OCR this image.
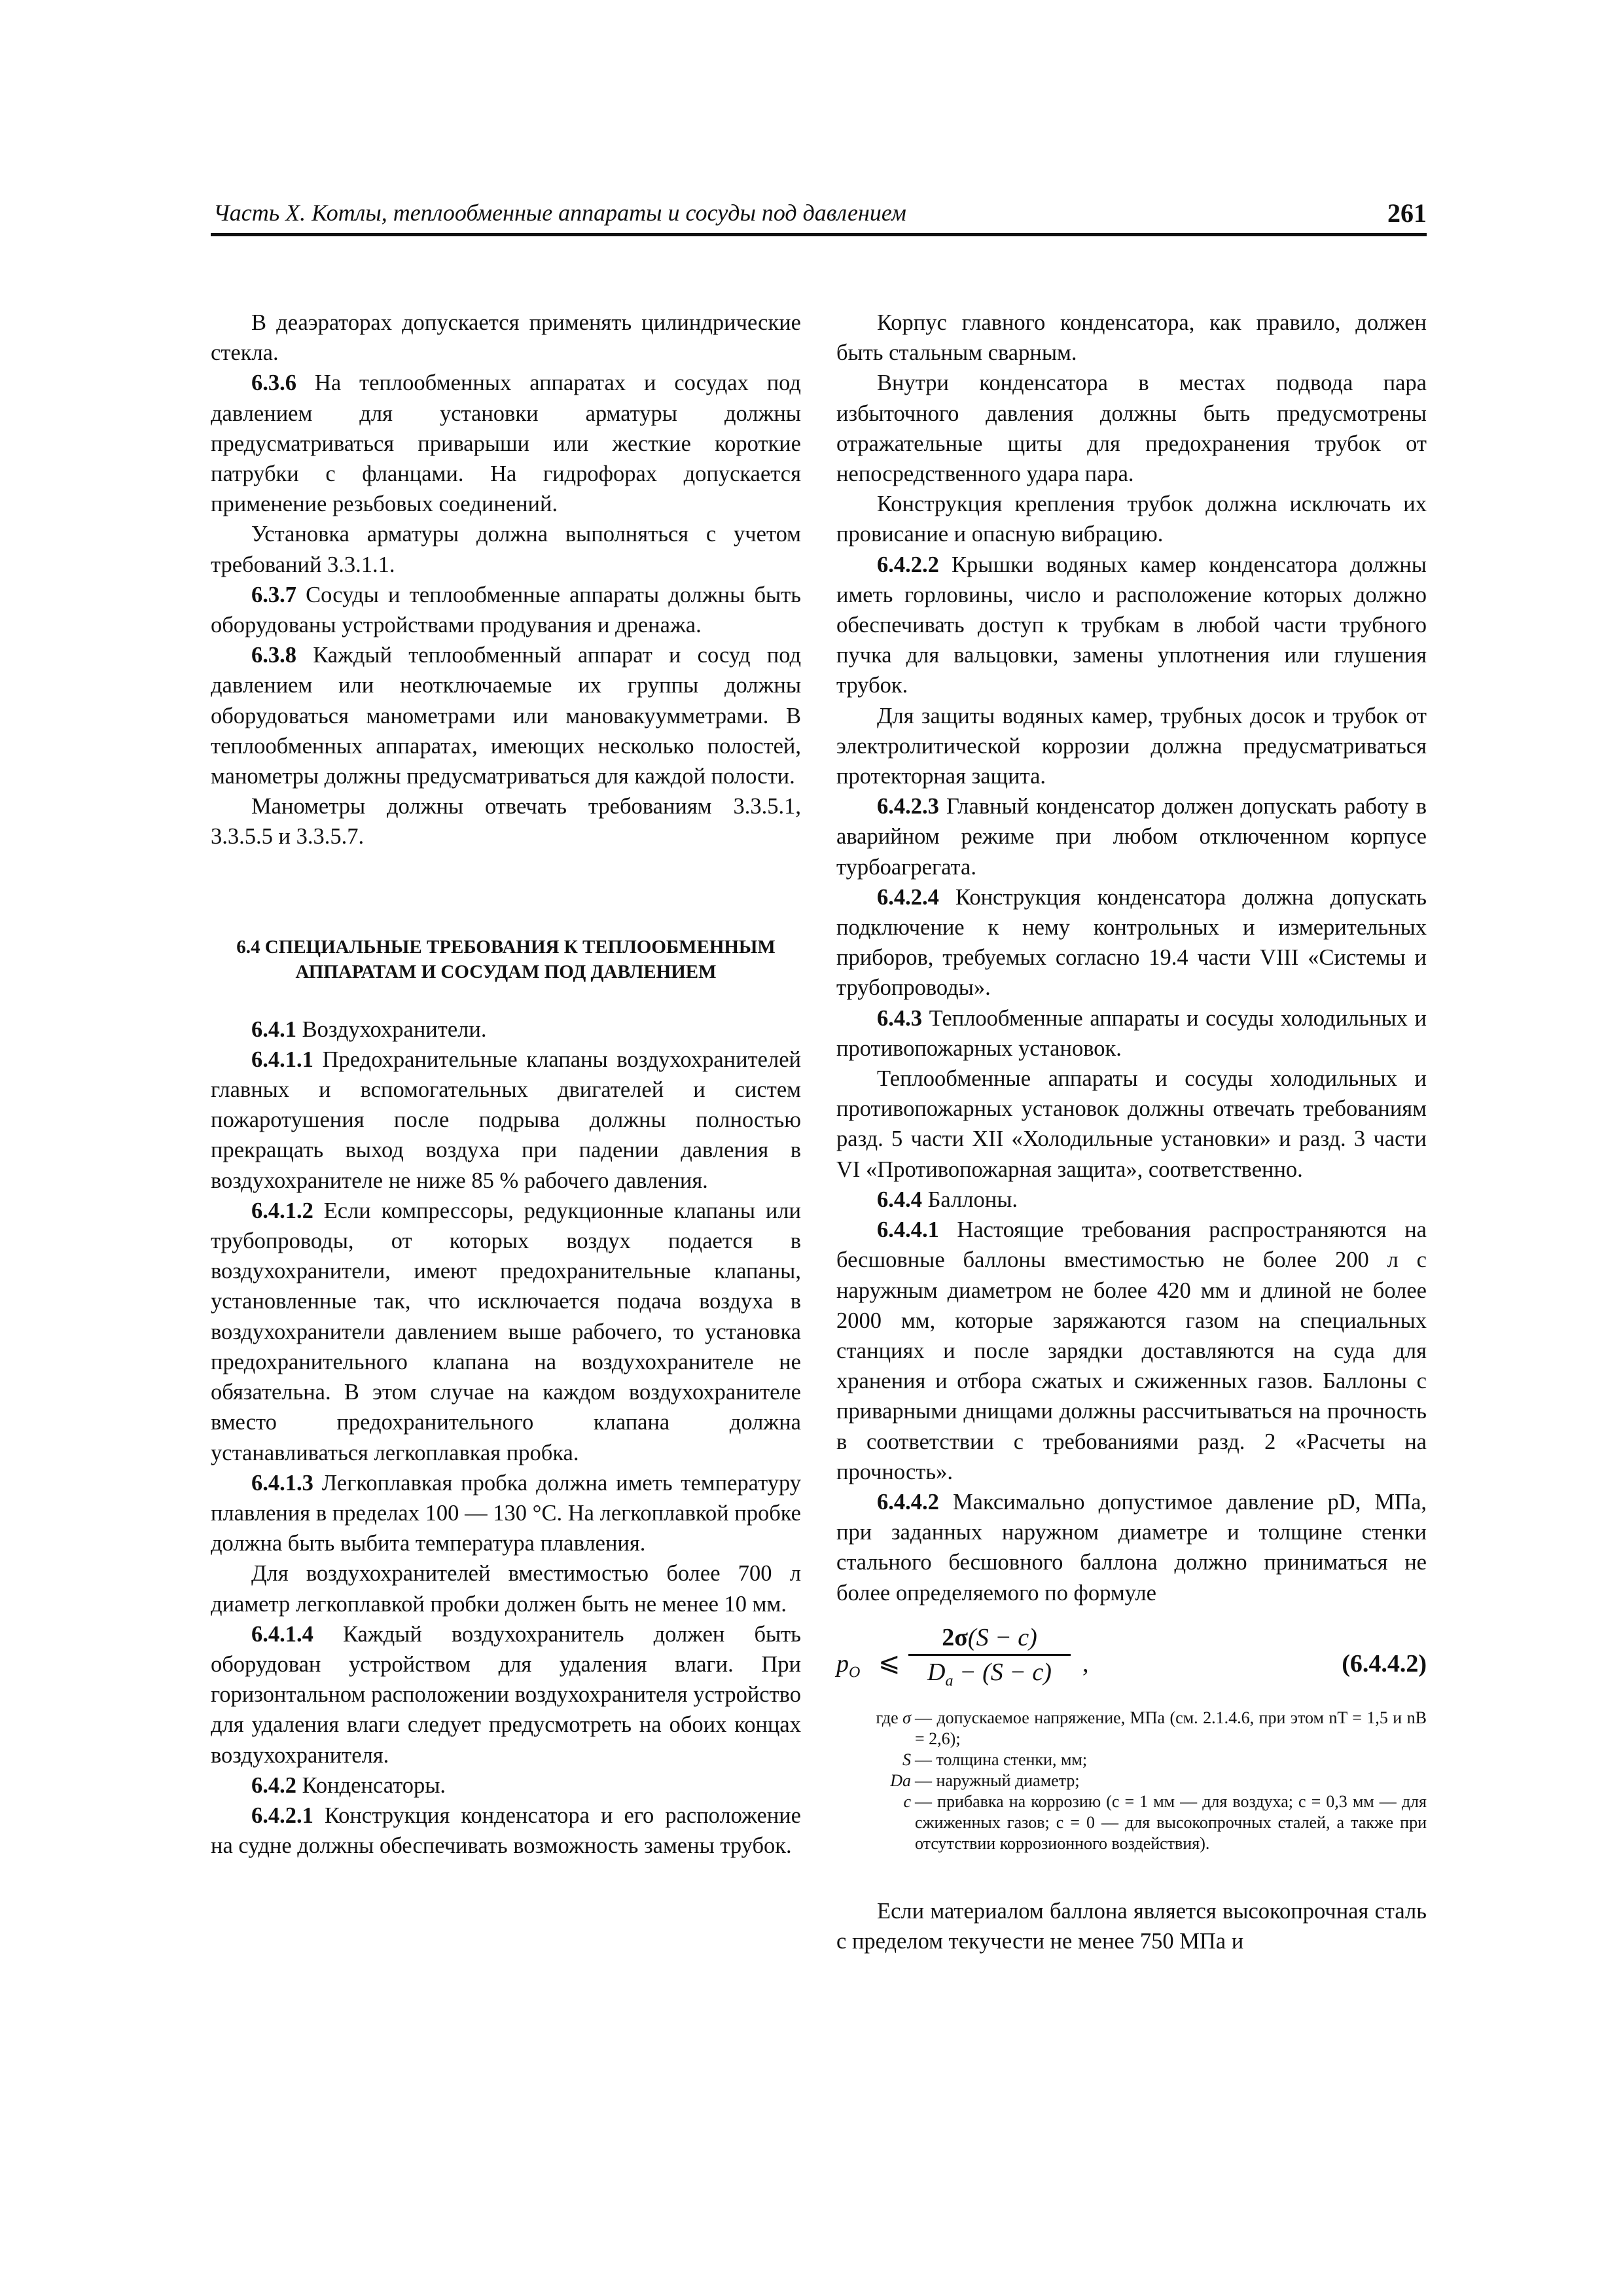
Часть X. Котлы, теплообменные аппараты и сосуды под давлением	261

В деаэраторах допускается применять цилиндрические стекла.

6.3.6 На теплообменных аппаратах и сосудах под давлением для установки арматуры должны предусматриваться приварыши или жесткие короткие патрубки с фланцами. На гидрофорах допускается применение резьбовых соединений.

Установка арматуры должна выполняться с учетом требований 3.3.1.1.

6.3.7 Сосуды и теплообменные аппараты должны быть оборудованы устройствами продувания и дренажа.

6.3.8 Каждый теплообменный аппарат и сосуд под давлением или неотключаемые их группы должны оборудоваться манометрами или мановакуумметрами. В теплообменных аппаратах, имеющих несколько полостей, манометры должны предусматриваться для каждой полости.

Манометры должны отвечать требованиям 3.3.5.1, 3.3.5.5 и 3.3.5.7.

6.4 СПЕЦИАЛЬНЫЕ ТРЕБОВАНИЯ К ТЕПЛООБМЕННЫМ АППАРАТАМ И СОСУДАМ ПОД ДАВЛЕНИЕМ

6.4.1 Воздухохранители.

6.4.1.1 Предохранительные клапаны воздухохранителей главных и вспомогательных двигателей и систем пожаротушения после подрыва должны полностью прекращать выход воздуха при падении давления в воздухохранителе не ниже 85 % рабочего давления.

6.4.1.2 Если компрессоры, редукционные клапаны или трубопроводы, от которых воздух подается в воздухохранители, имеют предохранительные клапаны, установленные так, что исключается подача воздуха в воздухохранители давлением выше рабочего, то установка предохранительного клапана на воздухохранителе не обязательна. В этом случае на каждом воздухохранителе вместо предохранительного клапана должна устанавливаться легкоплавкая пробка.

6.4.1.3 Легкоплавкая пробка должна иметь температуру плавления в пределах 100 — 130 °С. На легкоплавкой пробке должна быть выбита температура плавления.

Для воздухохранителей вместимостью более 700 л диаметр легкоплавкой пробки должен быть не менее 10 мм.

6.4.1.4 Каждый воздухохранитель должен быть оборудован устройством для удаления влаги. При горизонтальном расположении воздухохранителя устройство для удаления влаги следует предусмотреть на обоих концах воздухохранителя.

6.4.2 Конденсаторы.

6.4.2.1 Конструкция конденсатора и его расположение на судне должны обеспечивать возможность замены трубок.

Корпус главного конденсатора, как правило, должен быть стальным сварным.

Внутри конденсатора в местах подвода пара избыточного давления должны быть предусмотрены отражательные щиты для предохранения трубок от непосредственного удара пара.

Конструкция крепления трубок должна исключать их провисание и опасную вибрацию.

6.4.2.2 Крышки водяных камер конденсатора должны иметь горловины, число и расположение которых должно обеспечивать доступ к трубкам в любой части трубного пучка для вальцовки, замены уплотнения или глушения трубок.

Для защиты водяных камер, трубных досок и трубок от электролитической коррозии должна предусматриваться протекторная защита.

6.4.2.3 Главный конденсатор должен допускать работу в аварийном режиме при любом отключенном корпусе турбоагрегата.

6.4.2.4 Конструкция конденсатора должна допускать подключение к нему контрольных и измерительных приборов, требуемых согласно 19.4 части VIII «Системы и трубопроводы».

6.4.3 Теплообменные аппараты и сосуды холодильных и противопожарных установок.

Теплообменные аппараты и сосуды холодильных и противопожарных установок должны отвечать требованиям разд. 5 части XII «Холодильные установки» и разд. 3 части VI «Противопожарная защита», соответственно.

6.4.4 Баллоны.

6.4.4.1 Настоящие требования распространяются на бесшовные баллоны вместимостью не более 200 л с наружным диаметром не более 420 мм и длиной не более 2000 мм, которые заряжаются газом на специальных станциях и после зарядки доставляются на суда для хранения и отбора сжатых и сжиженных газов. Баллоны с приварными днищами должны рассчитываться на прочность в соответствии с требованиями разд. 2 «Расчеты на прочность».

6.4.4.2 Максимально допустимое давление pD, МПа, при заданных наружном диаметре и толщине стенки стального бесшовного баллона должно приниматься не более определяемого по формуле

$p_O$ ⩽ $\frac{2\sigma(S - c)}{D_a - (S - c)}$ ,	(6.4.4.2)
где σ — допускаемое напряжение, МПа (см. 2.1.4.6, при этом nT = 1,5 и nB = 2,6);
S — толщина стенки, мм;
Da — наружный диаметр;
c — прибавка на коррозию (c = 1 мм — для воздуха; c = 0,3 мм — для сжиженных газов; c = 0 — для высокопрочных сталей, а также при отсутствии коррозионного воздействия).

Если материалом баллона является высокопрочная сталь с пределом текучести не менее 750 МПа и
